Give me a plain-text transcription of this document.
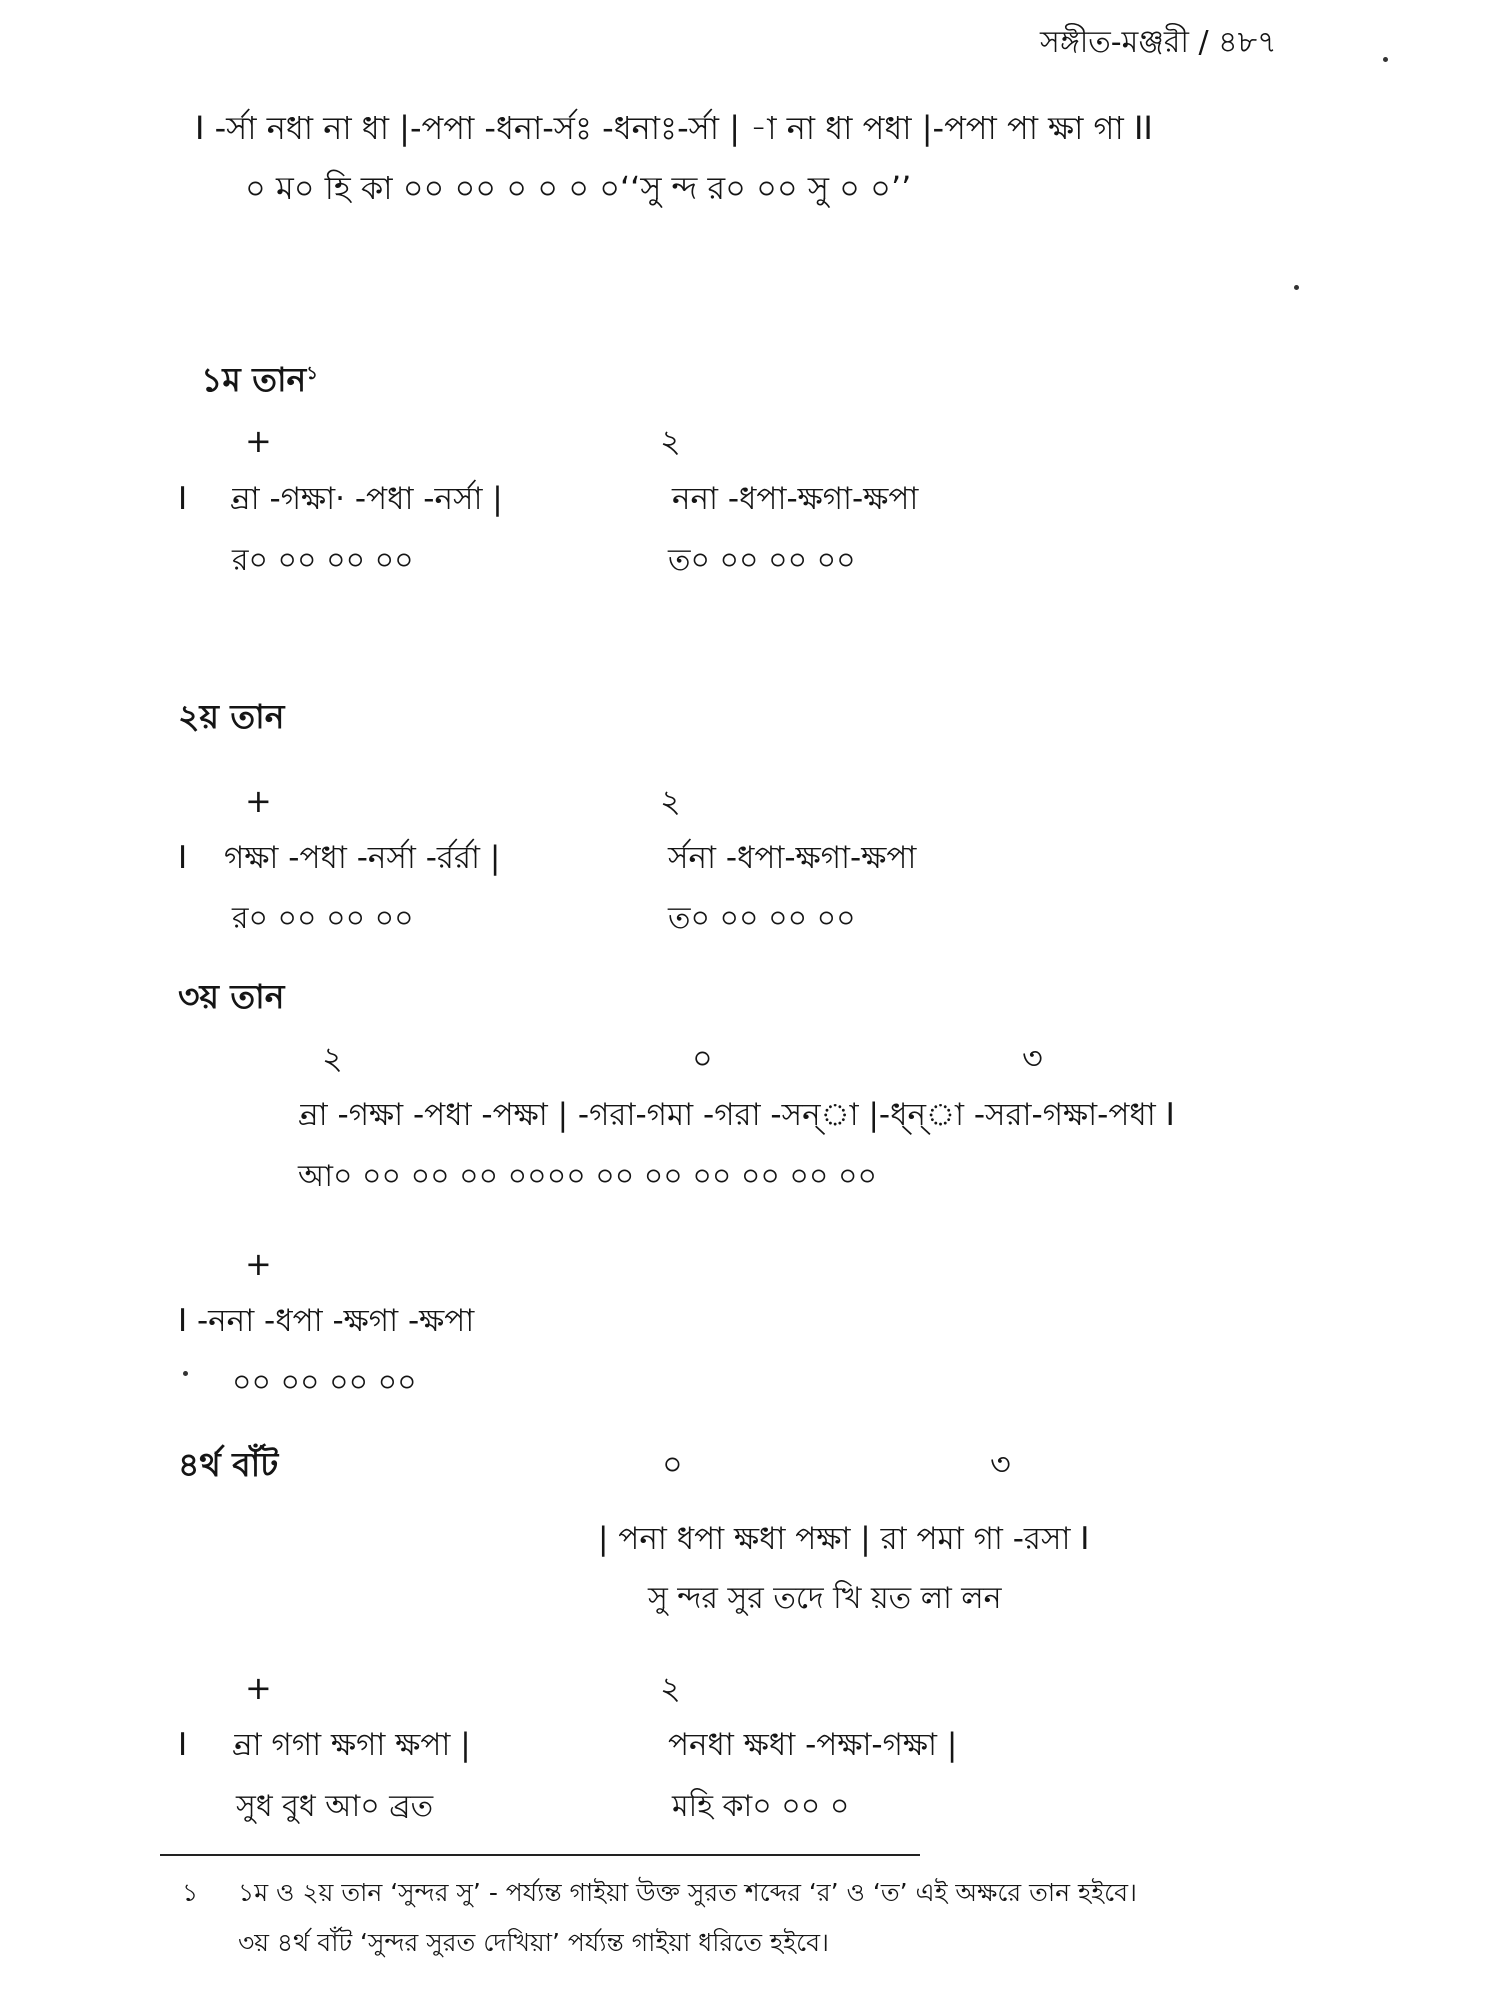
সঙ্গীত-মঞ্জরী / ৪৮৭
I -র্সা নধা না ধা |-পপা -ধনা-র্সঃ -ধনাঃ-র্সা | -া না ধা পধা |-পপা পা ক্ষা গা II
০ ম০ হি কা ০০ ০০ ০ ০ ০ ০‘‘সু ন্দ র০ ০০ সু ০ ০’’

১ম তান$^১$

+	২
I ন্রা -গক্ষা· -পধা -নর্সা |	ননা -ধপা-ক্ষগা-ক্ষপা
র০ ০০ ০০ ০০	ত০ ০০ ০০ ০০
২য় তান
+	২
I গক্ষা -পধা -নর্সা -র্রর্রা |	র্সনা -ধপা-ক্ষগা-ক্ষপা
র০ ০০ ০০ ০০	ত০ ০০ ০০ ০০
৩য় তান
২	০	৩
ন্রা -গক্ষা -পধা -পক্ষা | -গরা-গমা -গরা -সন্া |-ধ্ন্া -সরা-গক্ষা-পধা I
আ০ ০০ ০০ ০০ ০০০০ ০০ ০০ ০০ ০০ ০০ ০০
+
I -ননা -ধপা -ক্ষগা -ক্ষপা
০০ ০০ ০০ ০০
৪র্থ বাঁট	০	৩
| পনা ধপা ক্ষধা পক্ষা | রা পমা গা -রসা I
সু ন্দর সুর তদে খি য়ত লা লন
+	২
I ন্রা গগা ক্ষগা ক্ষপা |	পনধা ক্ষধা -পক্ষা-গক্ষা |
সুধ বুধ আ০ ব্রত	মহি কা০ ০০ ০
১ ১ম ও ২য় তান ‘সুন্দর সু’ - পর্য্যন্ত গাইয়া উক্ত সুরত শব্দের ‘র’ ও ‘ত’ এই অক্ষরে তান হইবে।
৩য় ৪র্থ বাঁট ‘সুন্দর সুরত দেখিয়া’ পর্য্যন্ত গাইয়া ধরিতে হইবে।
